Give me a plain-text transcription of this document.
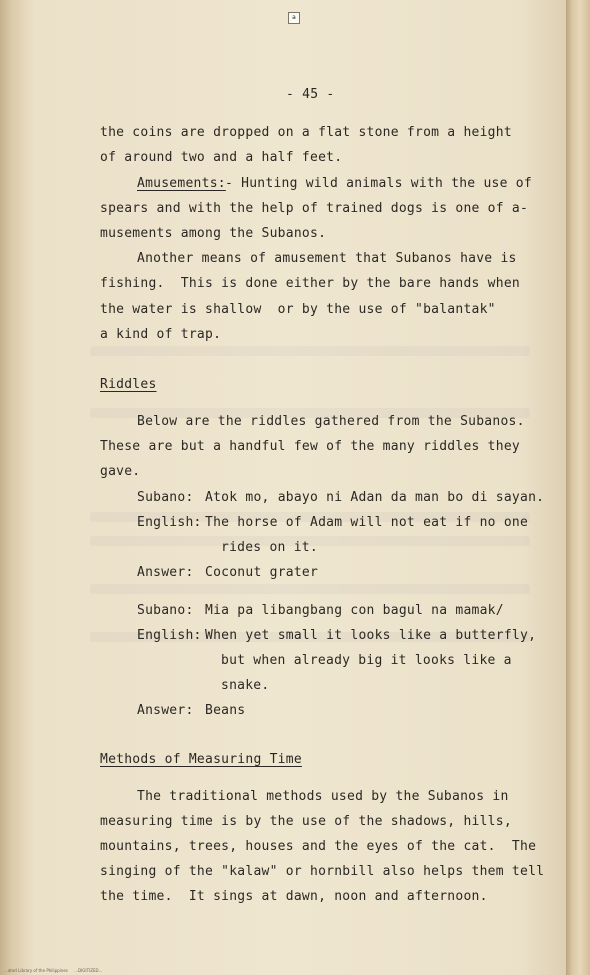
a
- 45 -
the coins are dropped on a flat stone from a height
of around two and a half feet.
Amusements: - Hunting wild animals with the use of
spears and with the help of trained dogs is one of a-
musements among the Subanos.
Another means of amusement that Subanos have is
fishing.  This is done either by the bare hands when
the water is shallow  or by the use of "balantak"
a kind of trap.
Riddles
Below are the riddles gathered from the Subanos.
These are but a handful few of the many riddles they
gave.
Subano: Atok mo, abayo ni Adan da man bo di sayan.
English: The horse of Adam will not eat if no one
rides on it.
Answer: Coconut grater
Subano: Mia pa libangbang con bagul na mamak/
English: When yet small it looks like a butterfly,
but when already big it looks like a
snake.
Answer: Beans
Methods of Measuring Time
The traditional methods used by the Subanos in
measuring time is by the use of the shadows, hills,
mountains, trees, houses and the eyes of the cat.  The
singing of the "kalaw" or hornbill also helps them tell
the time.  It sings at dawn, noon and afternoon.
...ated Library of the Philippines     ...DIGITIZED...
